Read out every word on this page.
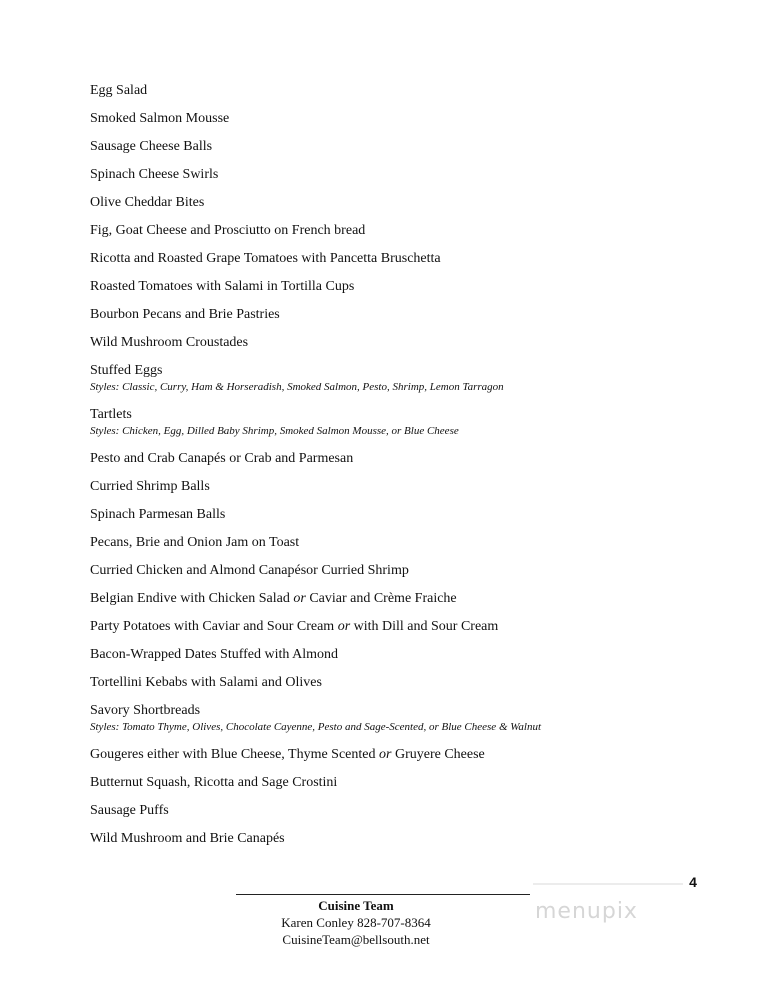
Egg Salad
Smoked Salmon Mousse
Sausage Cheese Balls
Spinach Cheese Swirls
Olive Cheddar Bites
Fig, Goat Cheese and Prosciutto on French bread
Ricotta and Roasted Grape Tomatoes with Pancetta Bruschetta
Roasted Tomatoes with Salami in Tortilla Cups
Bourbon Pecans and Brie Pastries
Wild Mushroom Croustades
Stuffed Eggs
Styles: Classic, Curry, Ham & Horseradish, Smoked Salmon, Pesto, Shrimp, Lemon Tarragon
Tartlets
Styles: Chicken, Egg, Dilled Baby Shrimp, Smoked Salmon Mousse, or Blue Cheese
Pesto and Crab Canapés or Crab and Parmesan
Curried Shrimp Balls
Spinach Parmesan Balls
Pecans, Brie and Onion Jam on Toast
Curried Chicken and Almond Canapésor Curried Shrimp
Belgian Endive with Chicken Salad or Caviar and Crème Fraiche
Party Potatoes with Caviar and Sour Cream or with Dill and Sour Cream
Bacon-Wrapped Dates Stuffed with Almond
Tortellini Kebabs with Salami and Olives
Savory Shortbreads
Styles: Tomato Thyme, Olives, Chocolate Cayenne, Pesto and Sage-Scented, or Blue Cheese & Walnut
Gougeres either with Blue Cheese, Thyme Scented or Gruyere Cheese
Butternut Squash, Ricotta and Sage Crostini
Sausage Puffs
Wild Mushroom and Brie Canapés
4
Cuisine Team
Karen Conley 828-707-8364
CuisineTeam@bellsouth.net
menupix
